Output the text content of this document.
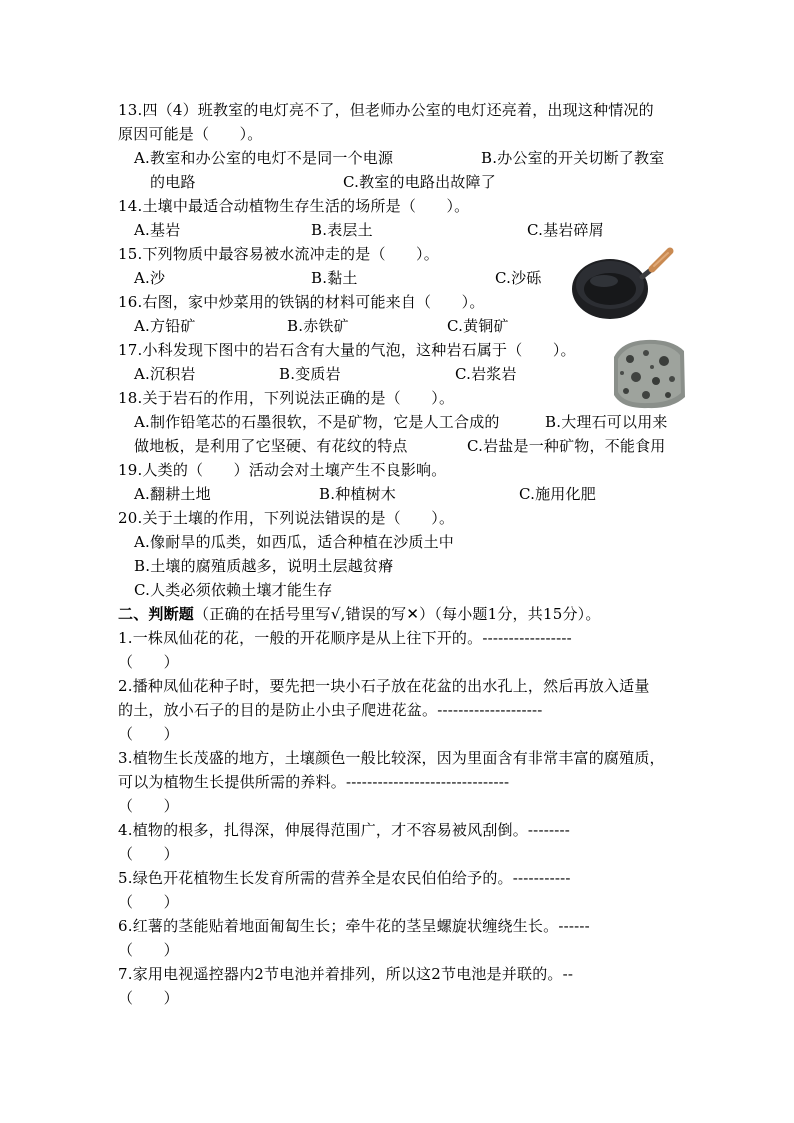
13.四（4）班教室的电灯亮不了，但老师办公室的电灯还亮着，出现这种情况的
原因可能是（　　）。
A.教室和办公室的电灯不是同一个电源	B.办公室的开关切断了教室
的电路	C.教室的电路出故障了
14.土壤中最适合动植物生存生活的场所是（　　）。
A.基岩	B.表层土	C.基岩碎屑
15.下列物质中最容易被水流冲走的是（　　）。
A.沙	B.黏土	C.沙砾
16.右图，家中炒菜用的铁锅的材料可能来自（　　）。
A.方铅矿	B.赤铁矿	C.黄铜矿
17.小科发现下图中的岩石含有大量的气泡，这种岩石属于（　　）。
A.沉积岩	B.变质岩	C.岩浆岩
18.关于岩石的作用，下列说法正确的是（　　）。
A.制作铅笔芯的石墨很软，不是矿物，它是人工合成的	B.大理石可以用来
做地板，是利用了它坚硬、有花纹的特点	C.岩盐是一种矿物，不能食用
19.人类的（　　）活动会对土壤产生不良影响。
A.翻耕土地	B.种植树木	C.施用化肥
20.关于土壤的作用，下列说法错误的是（　　）。
A.像耐旱的瓜类，如西瓜，适合种植在沙质土中
B.土壤的腐殖质越多，说明土层越贫瘠
C.人类必须依赖土壤才能生存
二、判断题（正确的在括号里写√,错误的写✕）（每小题1分，共15分）。
1.一株凤仙花的花，一般的开花顺序是从上往下开的。-----------------
（　　）
2.播种凤仙花种子时，要先把一块小石子放在花盆的出水孔上，然后再放入适量
的土，放小石子的目的是防止小虫子爬进花盆。--------------------
（　　）
3.植物生长茂盛的地方，土壤颜色一般比较深，因为里面含有非常丰富的腐殖质，
可以为植物生长提供所需的养料。-------------------------------
（　　）
4.植物的根多，扎得深，伸展得范围广，才不容易被风刮倒。--------
（　　）
5.绿色开花植物生长发育所需的营养全是农民伯伯给予的。-----------
（　　）
6.红薯的茎能贴着地面匍匐生长；牵牛花的茎呈螺旋状缠绕生长。------
（　　）
7.家用电视遥控器内2节电池并着排列，所以这2节电池是并联的。--
（　　）
